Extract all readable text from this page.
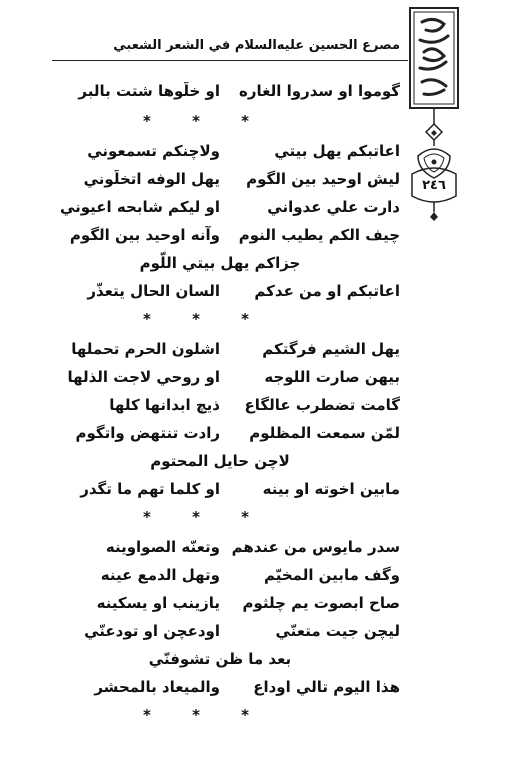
مصرع الحسين عليه‌السلام في الشعر الشعبي
٢٤٦
گوموا او سدروا الغاره
او خلّوها شتت بالبر
* * *
اعاتبكم يهل بيتي
ولاچنكم تسمعوني
ليش اوحيد بين الگوم
يهل الوفه اتخلّوني
دارت علي عدواني
او ليكم شابحه اعيوني
چيف الكم يطيب النوم
وآنه اوحيد بين الگوم
جزاكم يهل بيتي اللّوم
اعاتبكم او من عدكم
السان الحال يتعذّر
* * *
يهل الشيم فرگتكم
اشلون الحرم تحملها
بيهن صارت اللوجه
او روحي لاجت الذلها
گامت تضطرب عالگاع
ذيچ ابدانها كلها
لمّن سمعت المظلوم
رادت تنتهض واتگوم
لاچن حايل المحتوم
مابين اخوته او بينه
او كلما تهم ما تگدر
* * *
سدر مايوس من عندهم
وتعنّه الصواوينه
وگف مابين المخيّم
وتهل الدمع عينه
صاح ابصوت يم چلثوم
يازينب او يسكينه
ليچن جيت متعنّي
اودعچن او تودعنّي
بعد ما ظن تشوفنّي
هذا اليوم تالي اوداع
والميعاد بالمحشر
* * *
